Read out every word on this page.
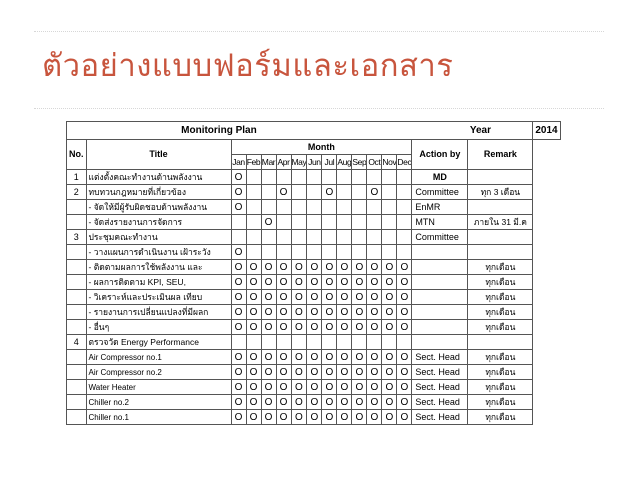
ตัวอย่างแบบฟอร์มและเอกสาร
	Monitoring Plan														Year	2014
No.	Title	Month												Action by	Remark	
		Jan	Feb	Mar	Apr	May	Jun	Jul	Aug	Sep	Oct	Nov	Dec			
1	แต่งตั้งคณะทำงานด้านพลังงาน	O												MD		
2	ทบทวนกฎหมายที่เกี่ยวข้อง	O			O			O			O			Committee	ทุก 3 เดือน	
	- จัดให้มีผู้รับผิดชอบด้านพลังงาน	O												EnMR		
	- จัดส่งรายงานการจัดการ			O										MTN	ภายใน 31 มี.ค	
3	ประชุมคณะทำงาน													Committee		
	- วางแผนการดำเนินงาน เฝ้าระวัง	O														
	- ติดตามผลการใช้พลังงาน และ	O	O	O	O	O	O	O	O	O	O	O	O		ทุกเดือน	
	- ผลการติดตาม KPI, SEU,	O	O	O	O	O	O	O	O	O	O	O	O		ทุกเดือน	
	- วิเคราะห์และประเมินผล เทียบ	O	O	O	O	O	O	O	O	O	O	O	O		ทุกเดือน	
	- รายงานการเปลี่ยนแปลงที่มีผลก	O	O	O	O	O	O	O	O	O	O	O	O		ทุกเดือน	
	- อื่นๆ	O	O	O	O	O	O	O	O	O	O	O	O		ทุกเดือน	
4	ตรวจวัด Energy Performance															
	Air Compressor no.1	O	O	O	O	O	O	O	O	O	O	O	O	Sect. Head	ทุกเดือน	
	Air Compressor no.2	O	O	O	O	O	O	O	O	O	O	O	O	Sect. Head	ทุกเดือน	
	Water Heater	O	O	O	O	O	O	O	O	O	O	O	O	Sect. Head	ทุกเดือน	
	Chiller no.2	O	O	O	O	O	O	O	O	O	O	O	O	Sect. Head	ทุกเดือน	
	Chiller no.1	O	O	O	O	O	O	O	O	O	O	O	O	Sect. Head	ทุกเดือน	
